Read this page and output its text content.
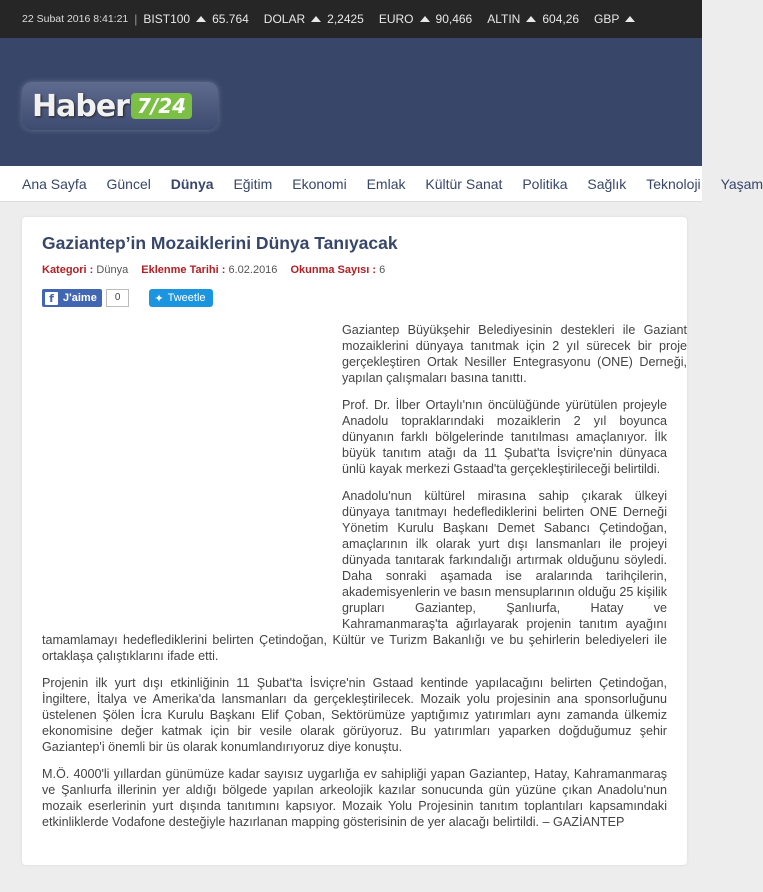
22 Subat 2016 8:41:21 | BIST100 65.764 DOLAR 2,2425 EURO 90,466 ALTIN 604,26 GBP
Haber 7/24
Ana Sayfa Güncel Dünya Eğitim Ekonomi Emlak Kültür Sanat Politika Sağlık Teknoloji Yaşam
Gaziantep’in Mozaiklerini Dünya Tanıyacak
Kategori : Dünya Eklenme Tarihi : 6.02.2016 Okunma Sayısı : 6
f J'aime	0	✦ Tweetle

Gaziantep Büyükşehir Belediyesinin destekleri ile Gaziant mozaiklerini dünyaya tanıtmak için 2 yıl sürecek bir proje gerçekleştiren Ortak Nesiller Entegrasyonu (ONE) Derneği, yapılan çalışmaları basına tanıttı.

Prof. Dr. İlber Ortaylı'nın öncülüğünde yürütülen projeyle Anadolu topraklarındaki mozaiklerin 2 yıl boyunca dünyanın farklı bölgelerinde tanıtılması amaçlanıyor. İlk büyük tanıtım atağı da 11 Şubat'ta İsviçre'nin dünyaca ünlü kayak merkezi Gstaad'ta gerçekleştirileceği belirtildi.

Anadolu'nun kültürel mirasına sahip çıkarak ülkeyi dünyaya tanıtmayı hedeflediklerini belirten ONE Derneği Yönetim Kurulu Başkanı Demet Sabancı Çetindoğan, amaçlarının ilk olarak yurt dışı lansmanları ile projeyi dünyada tanıtarak farkındalığı artırmak olduğunu söyledi. Daha sonraki aşamada ise aralarında tarihçilerin, akademisyenlerin ve basın mensuplarının olduğu 25 kişilik grupları Gaziantep, Şanlıurfa, Hatay ve Kahramanmaraş'ta ağırlayarak projenin tanıtım ayağını tamamlamayı hedeflediklerini belirten Çetindoğan, Kültür ve Turizm Bakanlığı ve bu şehirlerin belediyeleri ile ortaklaşa çalıştıklarını ifade etti.

Projenin ilk yurt dışı etkinliğinin 11 Şubat'ta İsviçre'nin Gstaad kentinde yapılacağını belirten Çetindoğan, İngiltere, İtalya ve Amerika'da lansmanları da gerçekleştirilecek. Mozaik yolu projesinin ana sponsorluğunu üstelenen Şölen İcra Kurulu Başkanı Elif Çoban, Sektörümüze yaptığımız yatırımları aynı zamanda ülkemiz ekonomisine değer katmak için bir vesile olarak görüyoruz. Bu yatırımları yaparken doğduğumuz şehir Gaziantep'i önemli bir üs olarak konumlandırıyoruz diye konuştu.

M.Ö. 4000'li yıllardan günümüze kadar sayısız uygarlığa ev sahipliği yapan Gaziantep, Hatay, Kahramanmaraş ve Şanlıurfa illerinin yer aldığı bölgede yapılan arkeolojik kazılar sonucunda gün yüzüne çıkan Anadolu'nun mozaik eserlerinin yurt dışında tanıtımını kapsıyor. Mozaik Yolu Projesinin tanıtım toplantıları kapsamındaki etkinliklerde Vodafone desteğiyle hazırlanan mapping gösterisinin de yer alacağı belirtildi. – GAZİANTEP
